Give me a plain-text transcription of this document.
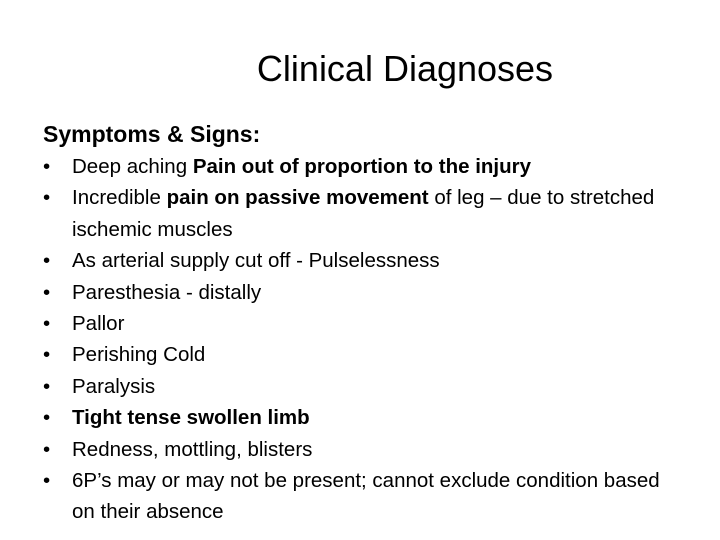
Clinical Diagnoses
Symptoms & Signs:
• Deep aching Pain out of proportion to the injury
• Incredible pain on passive movement of leg – due to stretched ischemic muscles
• As arterial supply cut off - Pulselessness
• Paresthesia - distally
• Pallor
• Perishing Cold
• Paralysis
• Tight tense swollen limb
• Redness, mottling, blisters
• 6P’s may or may not be present; cannot exclude condition based on their absence
